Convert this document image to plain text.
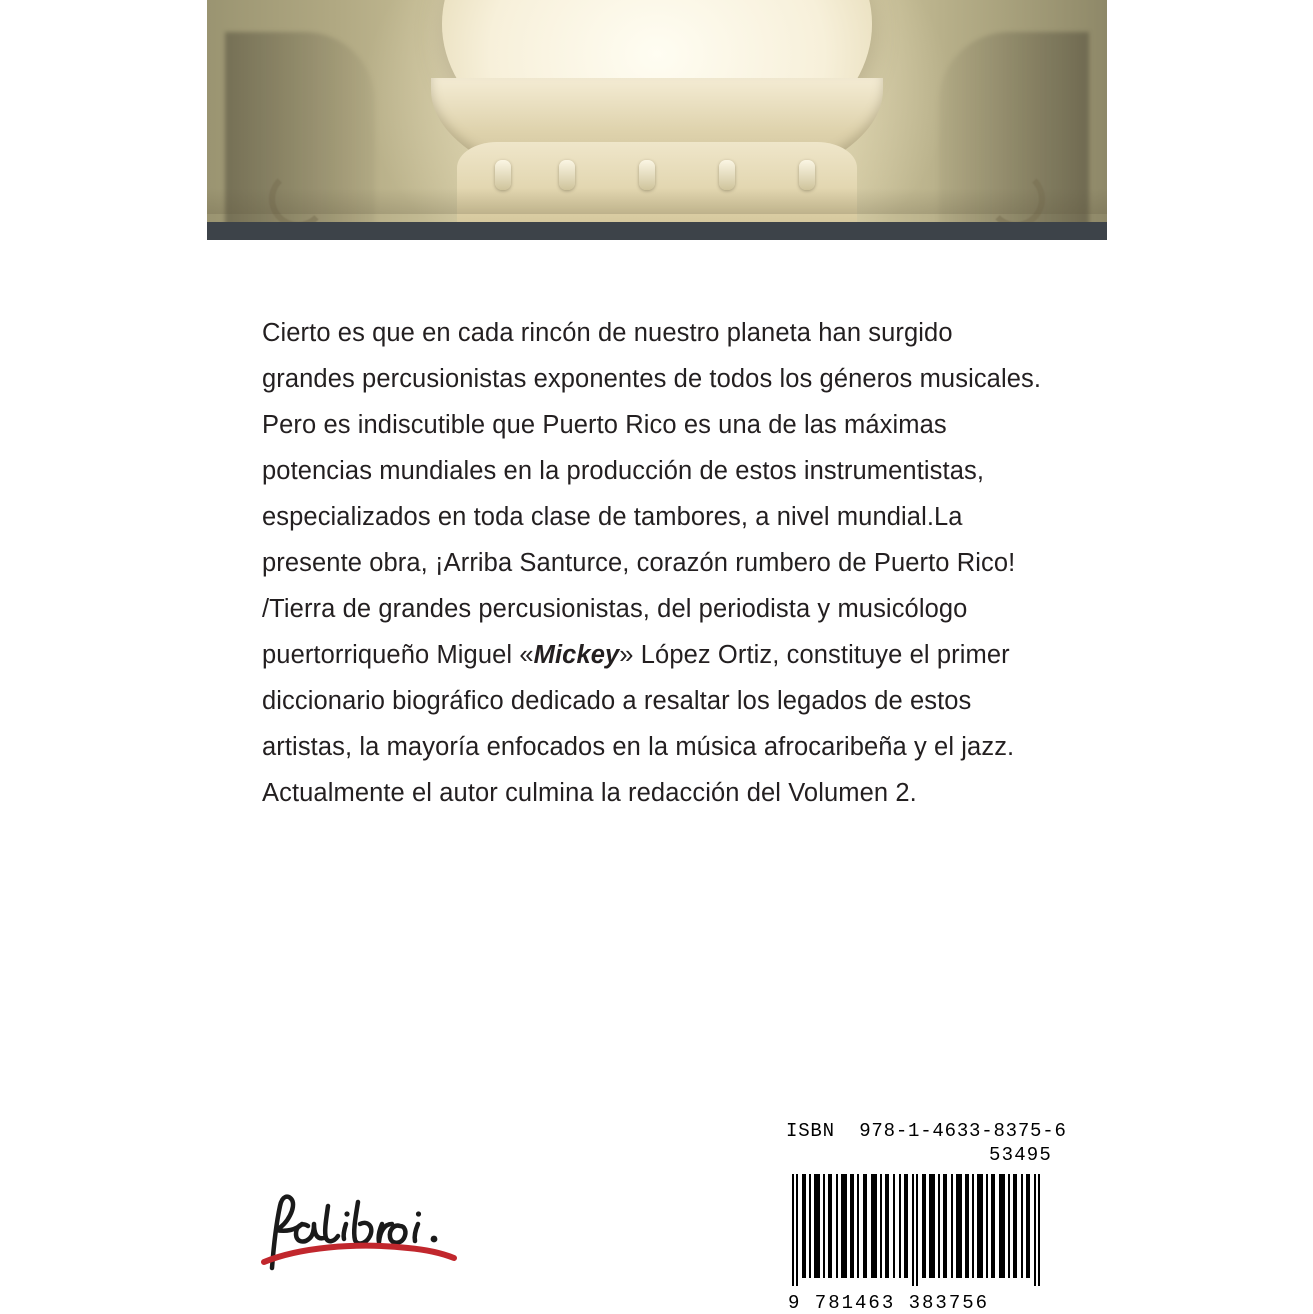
Cierto es que en cada rincón de nuestro planeta han surgido grandes percusionistas exponentes de todos los géneros musicales. Pero es indiscutible que Puerto Rico es una de las máximas potencias mundiales en la producción de estos instrumentistas, especializados en toda clase de tambores, a nivel mundial.La presente obra, ¡Arriba Santurce, corazón rumbero de Puerto Rico! /Tierra de grandes percusionistas, del periodista y musicólogo puertorriqueño Miguel «Mickey» López Ortiz, constituye el primer diccionario biográfico dedicado a resaltar los legados de estos artistas, la mayoría enfocados en la música afrocaribeña y el jazz. Actualmente el autor culmina la redacción del Volumen 2.
ISBN 978-1-4633-8375-6
53495
9 781463 383756
